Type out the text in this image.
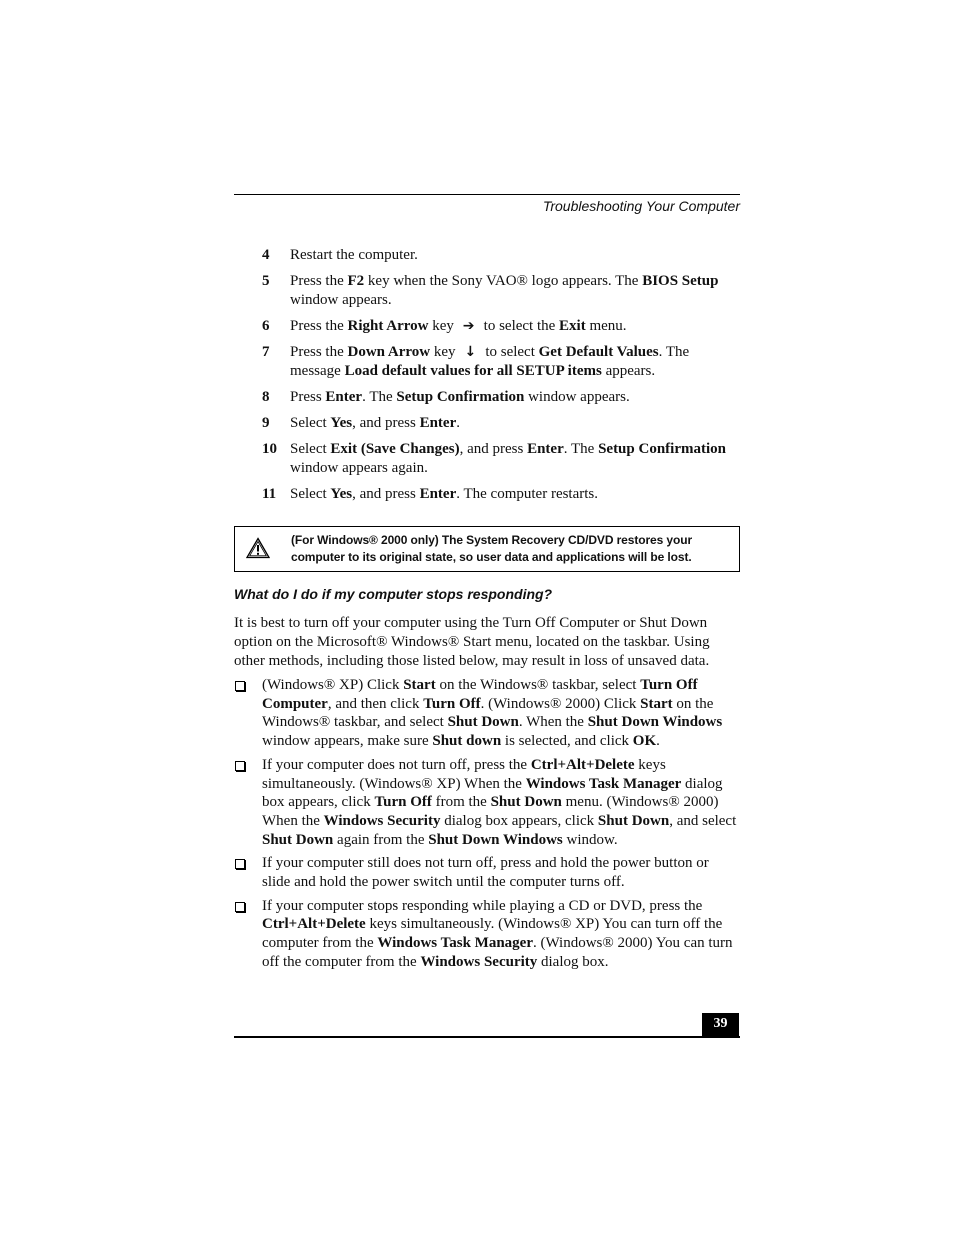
Troubleshooting Your Computer
4 Restart the computer.
5 Press the F2 key when the Sony VAO® logo appears. The BIOS Setup window appears.
6 Press the Right Arrow key ➔ to select the Exit menu.
7 Press the Down Arrow key ↓ to select Get Default Values. The message Load default values for all SETUP items appears.
8 Press Enter. The Setup Confirmation window appears.
9 Select Yes, and press Enter.
10 Select Exit (Save Changes), and press Enter. The Setup Confirmation window appears again.
11 Select Yes, and press Enter. The computer restarts.
(For Windows® 2000 only) The System Recovery CD/DVD restores your computer to its original state, so user data and applications will be lost.
What do I do if my computer stops responding?
It is best to turn off your computer using the Turn Off Computer or Shut Down option on the Microsoft® Windows® Start menu, located on the taskbar. Using other methods, including those listed below, may result in loss of unsaved data.
(Windows® XP) Click Start on the Windows® taskbar, select Turn Off Computer, and then click Turn Off. (Windows® 2000) Click Start on the Windows® taskbar, and select Shut Down. When the Shut Down Windows window appears, make sure Shut down is selected, and click OK.
If your computer does not turn off, press the Ctrl+Alt+Delete keys simultaneously. (Windows® XP) When the Windows Task Manager dialog box appears, click Turn Off from the Shut Down menu. (Windows® 2000) When the Windows Security dialog box appears, click Shut Down, and select Shut Down again from the Shut Down Windows window.
If your computer still does not turn off, press and hold the power button or slide and hold the power switch until the computer turns off.
If your computer stops responding while playing a CD or DVD, press the Ctrl+Alt+Delete keys simultaneously. (Windows® XP) You can turn off the computer from the Windows Task Manager. (Windows® 2000) You can turn off the computer from the Windows Security dialog box.
39
